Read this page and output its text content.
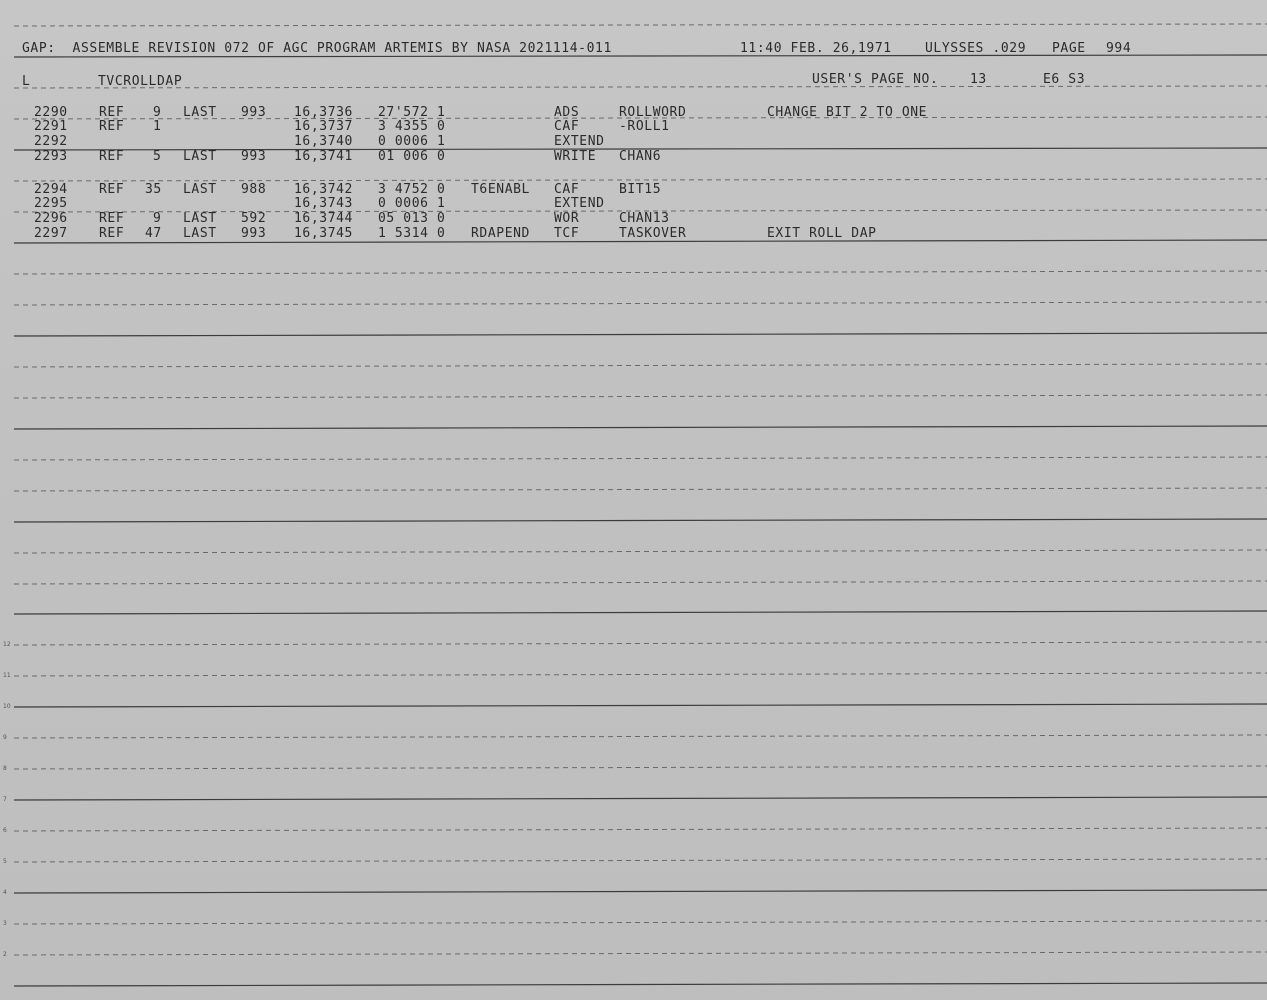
12
11
10
9
8
7
6
5
4
3
2
GAP:  ASSEMBLE REVISION 072 OF AGC PROGRAM ARTEMIS BY NASA 2021114-011	11:40 FEB. 26,1971	ULYSSES .029 PAGE 994
L	TVCROLLDAP	USER'S PAGE NO. 13	E6 S3
2290 REF 9 LAST 993 16,3736 27'572 1	ADS	ROLLWORD	CHANGE BIT 2 TO ONE
2291 REF 1	16,3737 3 4355 0	CAF	-ROLL1
2292	16,3740 0 0006 1	EXTEND
2293 REF 5 LAST 993 16,3741 01 006 0	WRITE CHAN6
2294 REF 35 LAST 988 16,3742 3 4752 0 T6ENABL CAF	BIT15
2295	16,3743 0 0006 1	EXTEND
2296 REF 9 LAST 592 16,3744 05 013 0	WOR	CHAN13
2297 REF 47 LAST 993 16,3745 1 5314 0 RDAPEND TCF	TASKOVER	EXIT ROLL DAP
